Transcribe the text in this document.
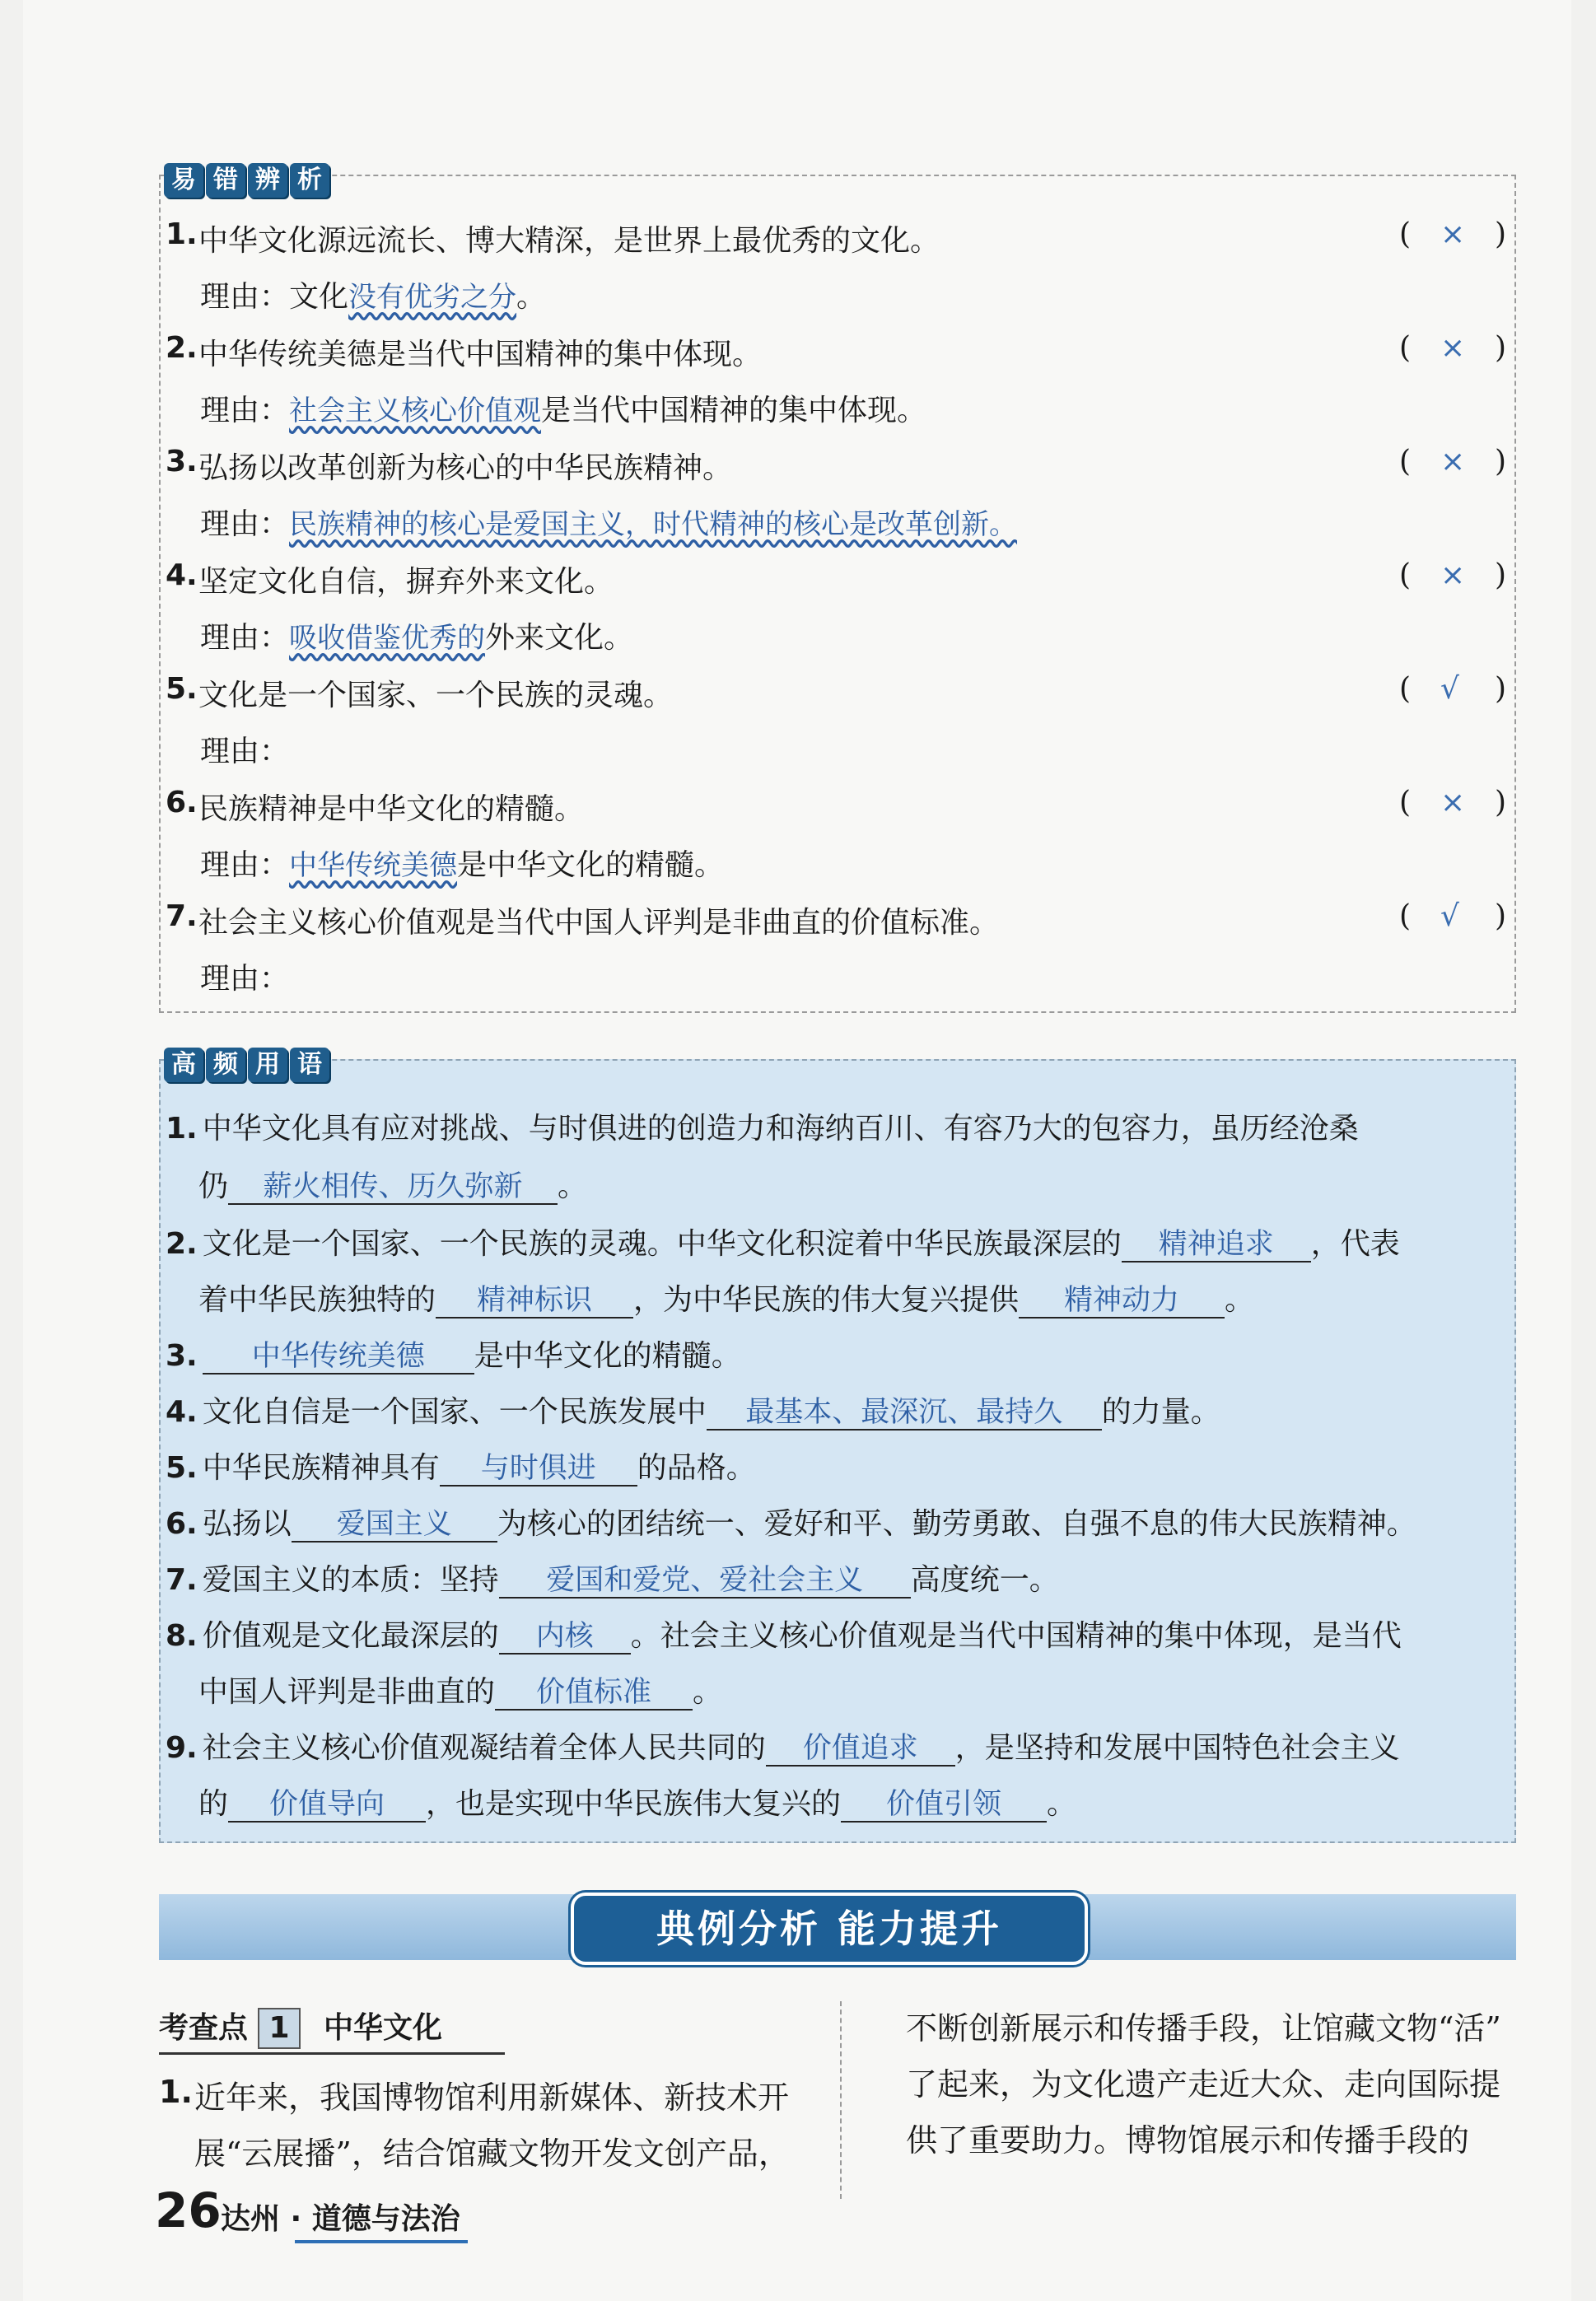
易 错 辨 析
1. 中华文化源远流长、博大精深，是世界上最优秀的文化。	( × )
理由：文化没有优劣之分。
2. 中华传统美德是当代中国精神的集中体现。	( × )
理由：社会主义核心价值观是当代中国精神的集中体现。
3. 弘扬以改革创新为核心的中华民族精神。	( × )
理由：民族精神的核心是爱国主义，时代精神的核心是改革创新。
4. 坚定文化自信，摒弃外来文化。	( × )
理由：吸收借鉴优秀的外来文化。
5. 文化是一个国家、一个民族的灵魂。	( √ )
理由：
6. 民族精神是中华文化的精髓。	( × )
理由：中华传统美德是中华文化的精髓。
7. 社会主义核心价值观是当代中国人评判是非曲直的价值标准。	( √ )
理由：
高 频 用 语
1. 中华文化具有应对挑战、与时俱进的创造力和海纳百川、有容乃大的包容力，虽历经沧桑
仍 薪火相传、历久弥新 。
2. 文化是一个国家、一个民族的灵魂。中华文化积淀着中华民族最深层的 精神追求 ，代表
着中华民族独特的 精神标识 ，为中华民族的伟大复兴提供 精神动力 。
3. 中华传统美德 是中华文化的精髓。
4. 文化自信是一个国家、一个民族发展中 最基本、最深沉、最持久 的力量。
5. 中华民族精神具有 与时俱进 的品格。
6. 弘扬以 爱国主义 为核心的团结统一、爱好和平、勤劳勇敢、自强不息的伟大民族精神。
7. 爱国主义的本质：坚持 爱国和爱党、爱社会主义 高度统一。
8. 价值观是文化最深层的 内核 。社会主义核心价值观是当代中国精神的集中体现，是当代
中国人评判是非曲直的 价值标准 。
9. 社会主义核心价值观凝结着全体人民共同的 价值追求 ，是坚持和发展中国特色社会主义
的 价值导向 ，也是实现中华民族伟大复兴的 价值引领 。
典例分析 能力提升
考查点 1 中华文化
1. 近年来，我国博物馆利用新媒体、新技术开
展“云展播”，结合馆藏文物开发文创产品，
不断创新展示和传播手段，让馆藏文物“活”
了起来，为文化遗产走近大众、走向国际提
供了重要助力。博物馆展示和传播手段的
26 达州 · 道德与法治
